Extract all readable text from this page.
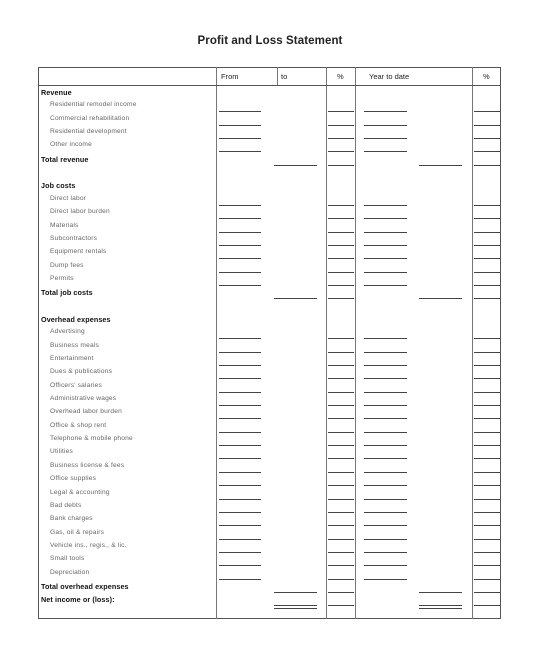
Profit and Loss Statement
From	to	%	Year to date	%
Revenue
Residential remodel income
Commercial rehabilitation
Residential development
Other income
Total revenue
Job costs
Direct labor
Direct labor burden
Materials
Subcontractors
Equipment rentals
Dump fees
Permits
Total job costs
Overhead expenses
Advertising
Business meals
Entertainment
Dues & publications
Officers' salaries
Administrative wages
Overhead labor burden
Office & shop rent
Telephone & mobile phone
Utilities
Business license & fees
Office supplies
Legal & accounting
Bad debts
Bank charges
Gas, oil & repairs
Vehicle ins., regis., & lic.
Small tools
Depreciation
Total overhead expenses
Net income or (loss):
